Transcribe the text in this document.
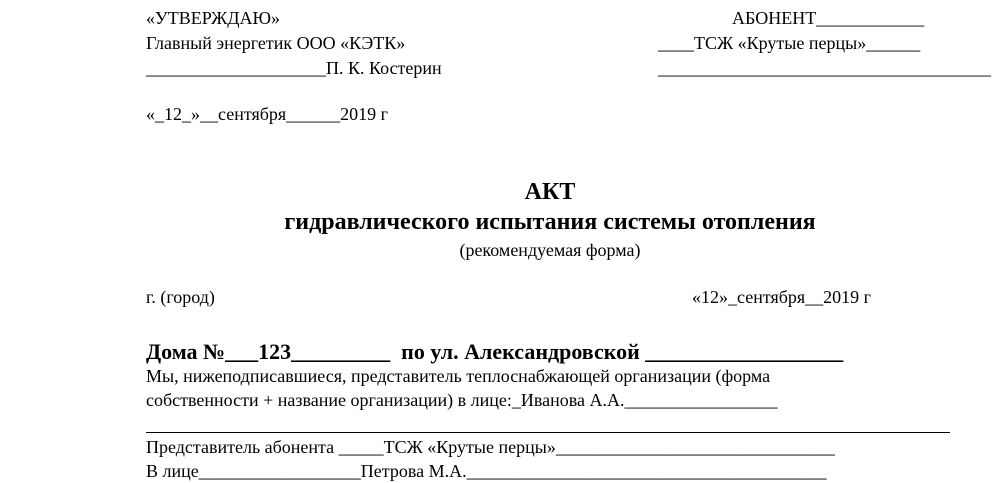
«УТВЕРЖДАЮ»
Главный энергетик ООО «КЭТК»
____________________П. К. Костерин
«_12_»__сентября______2019 г
АБОНЕНТ____________
____ТСЖ «Крутые перцы»______
_____________________________________
АКТ
гидравлического испытания системы отопления
(рекомендуемая форма)
г. (город)	«12»_сентября__2019 г
Дома №___123_________ по ул. Александровской __________________
Мы, нижеподписавшиеся, представитель теплоснабжающей организации (форма
собственности + название организации) в лице:_Иванова А.А._________________
Представитель абонента _____ТСЖ «Крутые перцы»_______________________________
В лице__________________Петрова М.А.________________________________________
